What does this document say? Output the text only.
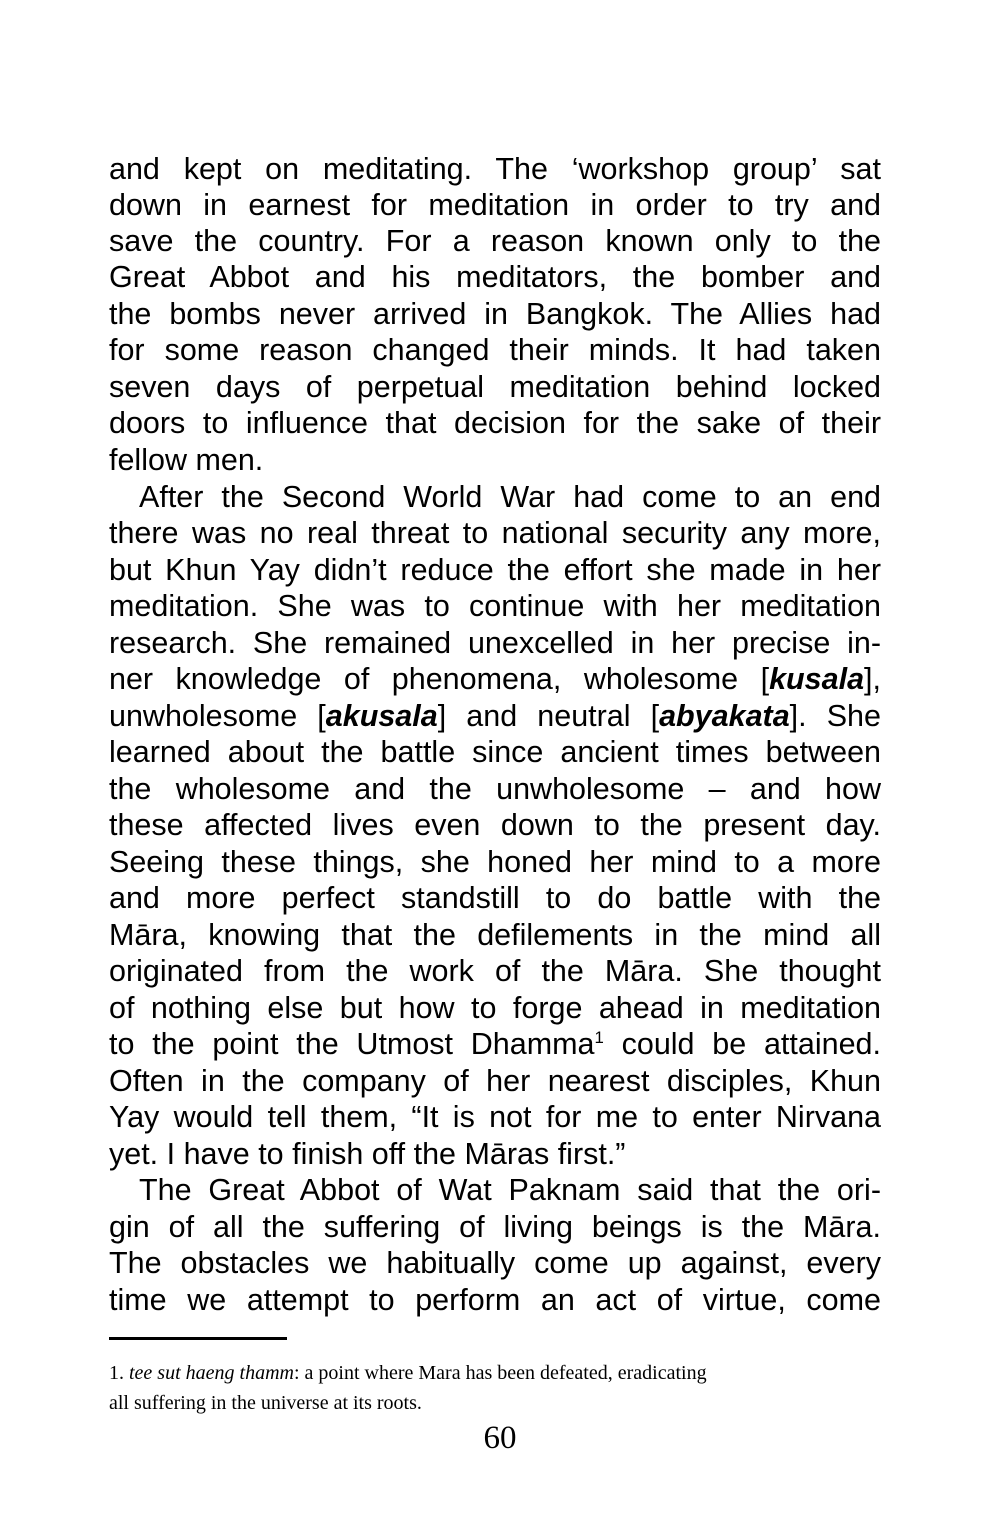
and kept on meditating. The ‘workshop group’ sat
down in earnest for meditation in order to try and
save the country. For a reason known only to the
Great Abbot and his meditators, the bomber and
the bombs never arrived in Bangkok. The Allies had
for some reason changed their minds. It had taken
seven days of perpetual meditation behind locked
doors to influence that decision for the sake of their
fellow men.
After the Second World War had come to an end
there was no real threat to national security any more,
but Khun Yay didn’t reduce the effort she made in her
meditation. She was to continue with her meditation
research. She remained unexcelled in her precise in-
ner knowledge of phenomena, wholesome [kusala],
unwholesome [akusala] and neutral [abyakata]. She
learned about the battle since ancient times between
the wholesome and the unwholesome – and how
these affected lives even down to the present day.
Seeing these things, she honed her mind to a more
and more perfect standstill to do battle with the
Māra, knowing that the defilements in the mind all
originated from the work of the Māra. She thought
of nothing else but how to forge ahead in meditation
to the point the Utmost Dhamma$^1$ could be attained.
Often in the company of her nearest disciples, Khun
Yay would tell them, “It is not for me to enter Nirvana
yet. I have to finish off the Māras first.”
The Great Abbot of Wat Paknam said that the ori-
gin of all the suffering of living beings is the Māra.
The obstacles we habitually come up against, every
time we attempt to perform an act of virtue, come
1. tee sut haeng thamm: a point where Mara has been defeated, eradicating
all suffering in the universe at its roots.
60
